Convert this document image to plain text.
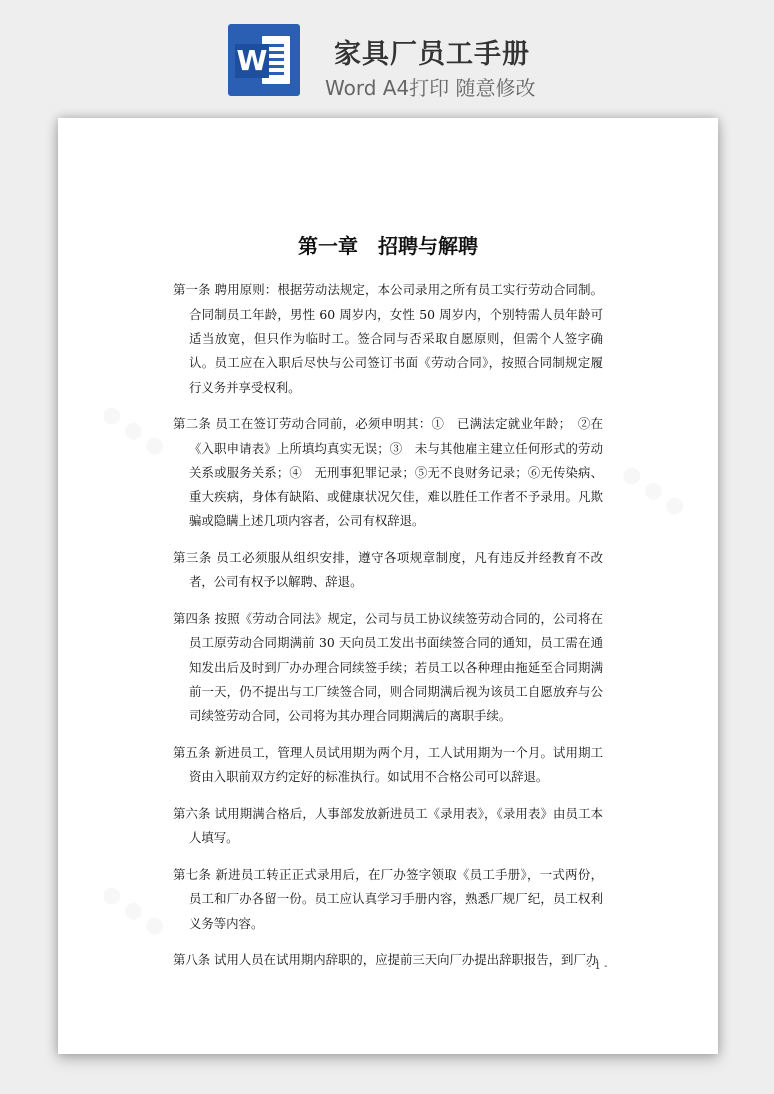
W 家具厂员工手册
Word A4打印 随意修改
● ● ●
● ● ●
● ● ●
第一章　招聘与解聘

第一条 聘用原则：根据劳动法规定，本公司录用之所有员工实行劳动合同制。合同制员工年龄，男性 60 周岁内，女性 50 周岁内，个别特需人员年龄可适当放宽，但只作为临时工。签合同与否采取自愿原则，但需个人签字确认。员工应在入职后尽快与公司签订书面《劳动合同》，按照合同制规定履行义务并享受权利。

第二条 员工在签订劳动合同前，必须申明其：①　已满法定就业年龄；　②在《入职申请表》上所填均真实无误；③　未与其他雇主建立任何形式的劳动关系或服务关系；④　无刑事犯罪记录；⑤无不良财务记录；⑥无传染病、重大疾病，身体有缺陷、或健康状况欠佳，难以胜任工作者不予录用。凡欺骗或隐瞒上述几项内容者，公司有权辞退。

第三条 员工必须服从组织安排，遵守各项规章制度，凡有违反并经教育不改者，公司有权予以解聘、辞退。

第四条 按照《劳动合同法》规定，公司与员工协议续签劳动合同的，公司将在员工原劳动合同期满前 30 天向员工发出书面续签合同的通知，员工需在通知发出后及时到厂办办理合同续签手续；若员工以各种理由拖延至合同期满前一天，仍不提出与工厂续签合同，则合同期满后视为该员工自愿放弃与公司续签劳动合同，公司将为其办理合同期满后的离职手续。

第五条 新进员工，管理人员试用期为两个月，工人试用期为一个月。试用期工资由入职前双方约定好的标准执行。如试用不合格公司可以辞退。

第六条 试用期满合格后，人事部发放新进员工《录用表》，《录用表》由员工本人填写。

第七条 新进员工转正正式录用后，在厂办签字领取《员工手册》，一式两份，员工和厂办各留一份。员工应认真学习手册内容，熟悉厂规厂纪，员工权利义务等内容。

第八条 试用人员在试用期内辞职的，应提前三天向厂办提出辞职报告，到厂办

- 1 -
